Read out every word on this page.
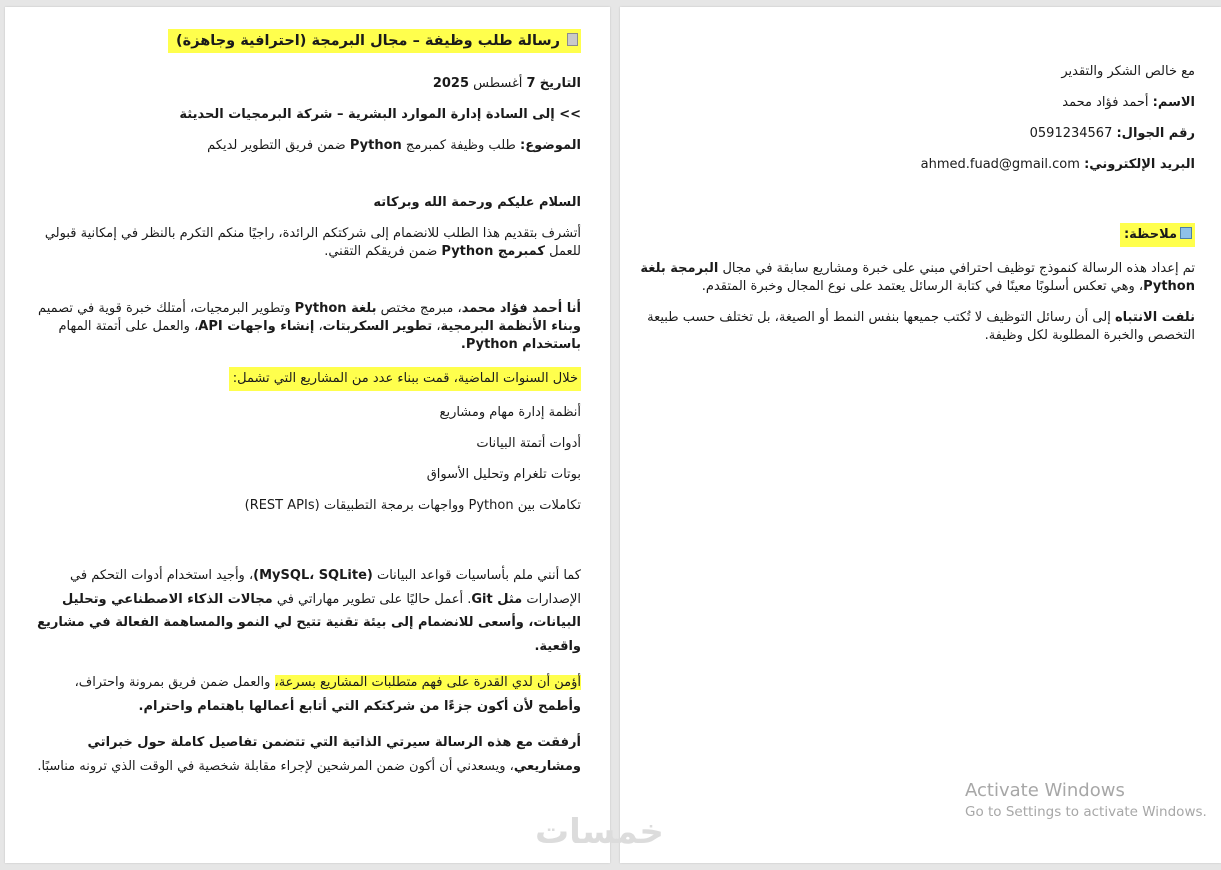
رسالة طلب وظيفة – مجال البرمجة (احترافية وجاهزة)
التاريخ 7 أغسطس 2025
>> إلى السادة إدارة الموارد البشرية – شركة البرمجيات الحديثة
الموضوع: طلب وظيفة كمبرمج Python ضمن فريق التطوير لديكم
السلام عليكم ورحمة الله وبركاته
أتشرف بتقديم هذا الطلب للانضمام إلى شركتكم الرائدة، راجيًا منكم التكرم بالنظر في إمكانية قبولي للعمل كمبرمج Python ضمن فريقكم التقني.
أنا أحمد فؤاد محمد، مبرمج مختص بلغة Python وتطوير البرمجيات، أمتلك خبرة قوية في تصميم وبناء الأنظمة البرمجية، تطوير السكربتات، إنشاء واجهات API، والعمل على أتمتة المهام باستخدام Python.
خلال السنوات الماضية، قمت ببناء عدد من المشاريع التي تشمل:
أنظمة إدارة مهام ومشاريع
أدوات أتمتة البيانات
بوتات تلغرام وتحليل الأسواق
تكاملات بين Python وواجهات برمجة التطبيقات (REST APIs)
كما أنني ملم بأساسيات قواعد البيانات (MySQL، SQLite)، وأجيد استخدام أدوات التحكم في الإصدارات مثل Git. أعمل حاليًا على تطوير مهاراتي في مجالات الذكاء الاصطناعي وتحليل البيانات، وأسعى للانضمام إلى بيئة تقنية تتيح لي النمو والمساهمة الفعالة في مشاريع واقعية.
أؤمن أن لدي القدرة على فهم متطلبات المشاريع بسرعة، والعمل ضمن فريق بمرونة واحتراف، وأطمح لأن أكون جزءًا من شركتكم التي أتابع أعمالها باهتمام واحترام.
أرفقت مع هذه الرسالة سيرتي الذاتية التي تتضمن تفاصيل كاملة حول خبراتي ومشاريعي، ويسعدني أن أكون ضمن المرشحين لإجراء مقابلة شخصية في الوقت الذي ترونه مناسبًا.
مع خالص الشكر والتقدير
الاسم: أحمد فؤاد محمد
رقم الجوال: 0591234567
البريد الإلكتروني: ahmed.fuad@gmail.com
ملاحظة:
تم إعداد هذه الرسالة كنموذج توظيف احترافي مبني على خبرة ومشاريع سابقة في مجال البرمجة بلغة Python، وهي تعكس أسلوبًا معينًا في كتابة الرسائل يعتمد على نوع المجال وخبرة المتقدم.
نلفت الانتباه إلى أن رسائل التوظيف لا تُكتب جميعها بنفس النمط أو الصيغة، بل تختلف حسب طبيعة التخصص والخبرة المطلوبة لكل وظيفة.
خمسات
Activate Windows
Go to Settings to activate Windows.
